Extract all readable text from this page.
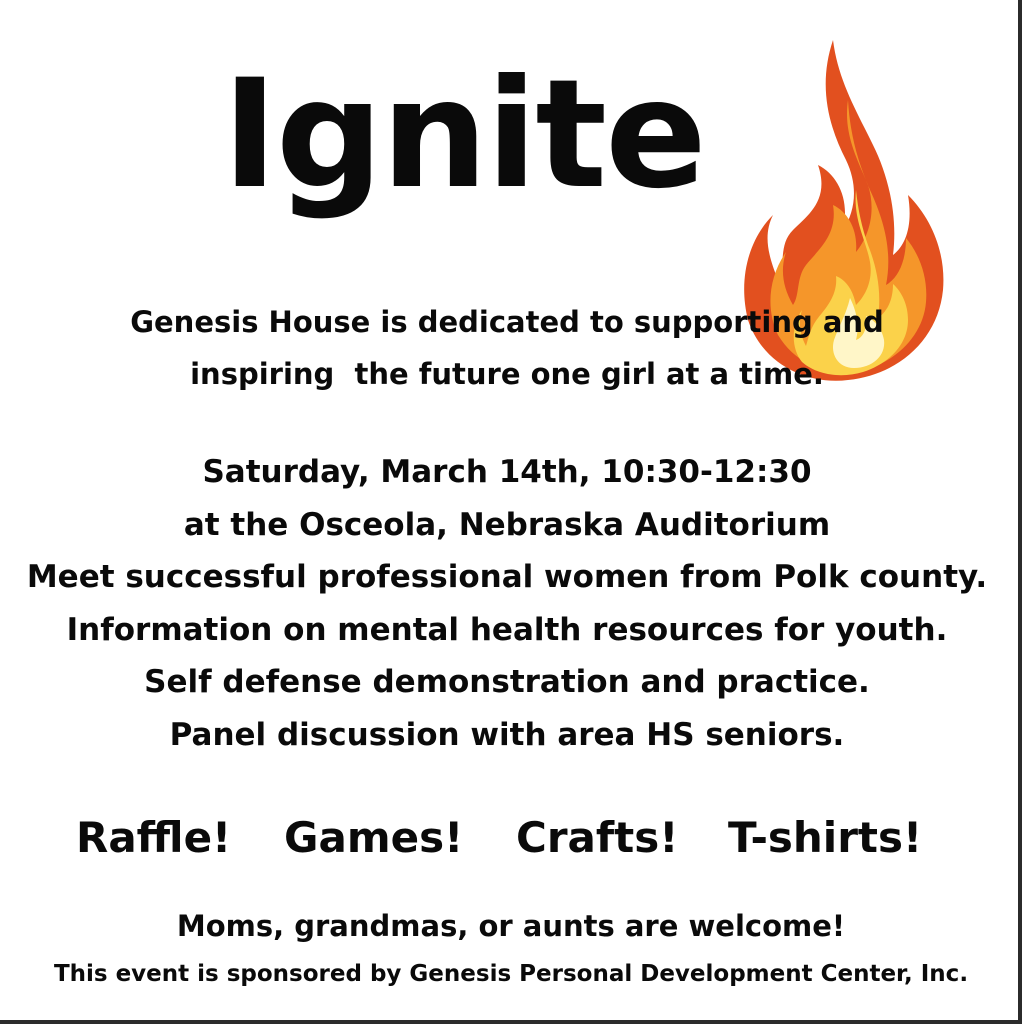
Ignite
Genesis House is dedicated to supporting and
inspiring  the future one girl at a time.
Saturday, March 14th, 10:30-12:30
at the Osceola, Nebraska Auditorium
Meet successful professional women from Polk county.
Information on mental health resources for youth.
Self defense demonstration and practice.
Panel discussion with area HS seniors.
Raffle! Games! Crafts! T-shirts!

Moms, grandmas, or aunts are welcome!

This event is sponsored by Genesis Personal Development Center, Inc.
